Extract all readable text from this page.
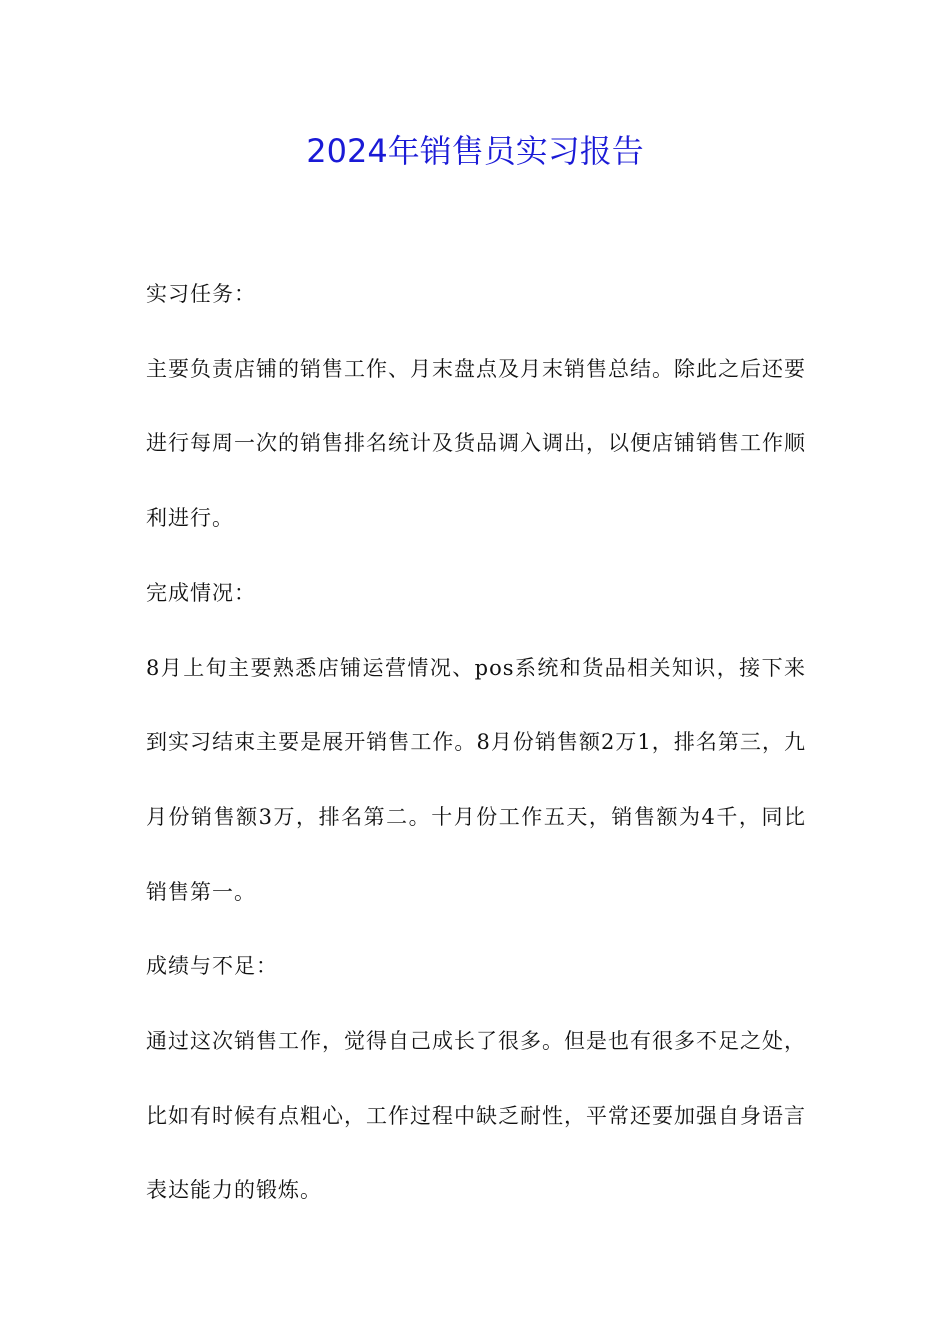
2024年销售员实习报告

实习任务：

主要负责店铺的销售工作、月末盘点及月末销售总结。除此之后还要进行每周一次的销售排名统计及货品调入调出，以便店铺销售工作顺利进行。

完成情况：

8月上旬主要熟悉店铺运营情况、pos系统和货品相关知识，接下来到实习结束主要是展开销售工作。8月份销售额2万1，排名第三，九月份销售额3万，排名第二。十月份工作五天，销售额为4千，同比销售第一。

成绩与不足：

通过这次销售工作，觉得自己成长了很多。但是也有很多不足之处，比如有时候有点粗心，工作过程中缺乏耐性，平常还要加强自身语言表达能力的锻炼。
